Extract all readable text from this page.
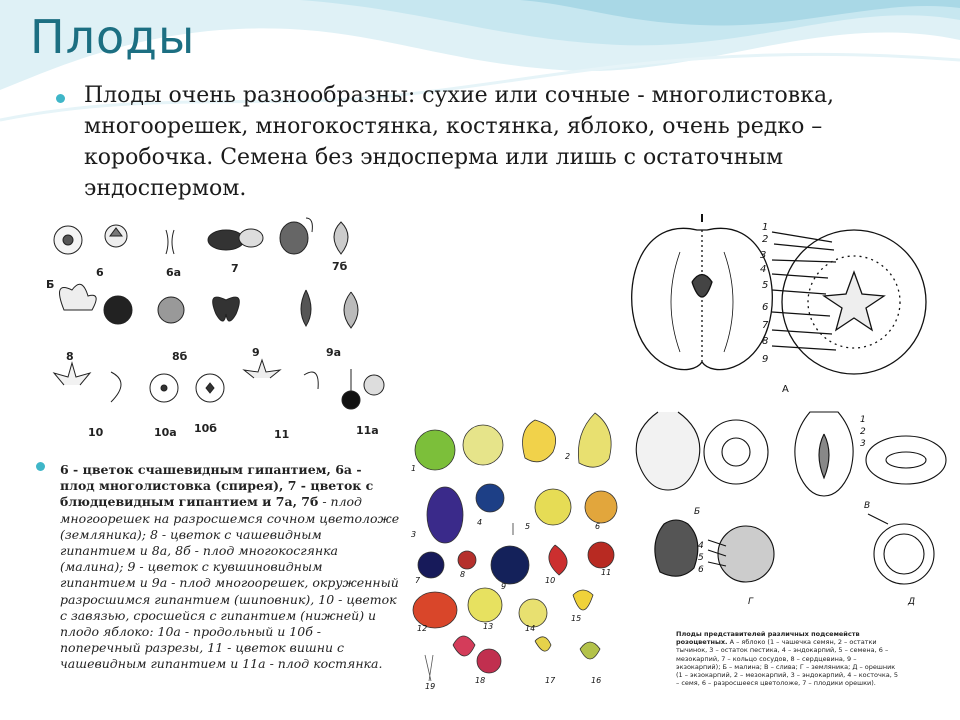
Плоды

Плоды очень разнообразны: сухие или сочные - многолистовка, многоорешек, многокостянка, костянка, яблоко, очень редко – коробочка. Семена без эндосперма или лишь с остаточным эндоспермом.

6	6а	7	7б
Б
8	8б	9	9а
10	10а 10б	11	11а
6 - цветок счашевидным гипантием, 6а - плод многолистовка (спирея), 7 - цветок с блюдцевидным гипантием и 7а, 7б - плод многоорешек на разросшемся сочном цветоложе (земляника); 8 - цветок с чашевидным гипантием и 8а, 8б - плод многокосгянка (малина); 9 - цветок с кувшиновидным гипантием и 9а - плод многоорешек, окруженный разросшимся гипантием (шиповник), 10 - цветок с завязью, сросшейся с гипантием (нижней) и плодо яблоко: 10а - продольный и 10б - поперечный разрезы, 11 - цветок вишни с чашевидным гипантием и 11а - плод костянка.
1
2
3
4
5
6
7
8
9
А
1
2
3
4	5	6
7
8
9
10
11
12	13	14
15
16
17
18
19
1
2
3
4
5
6
Б
В
Г	Д
Плоды представителей различных подсемейств розоцветных. А – яблоко (1 – чашечка семян, 2 – остатки тычинок, 3 – остаток пестика, 4 – эндокарпий, 5 – семена, 6 – мезокарпий, 7 – кольцо сосудов, 8 – сердцевина, 9 – экзокарпий); Б – малина; В – слива; Г – земляника; Д – орешник (1 – экзокарпий, 2 – мезокарпий, 3 – эндокарпий, 4 – косточка, 5 – семя, 6 – разросшееся цветоложе, 7 – плодики орешки).
